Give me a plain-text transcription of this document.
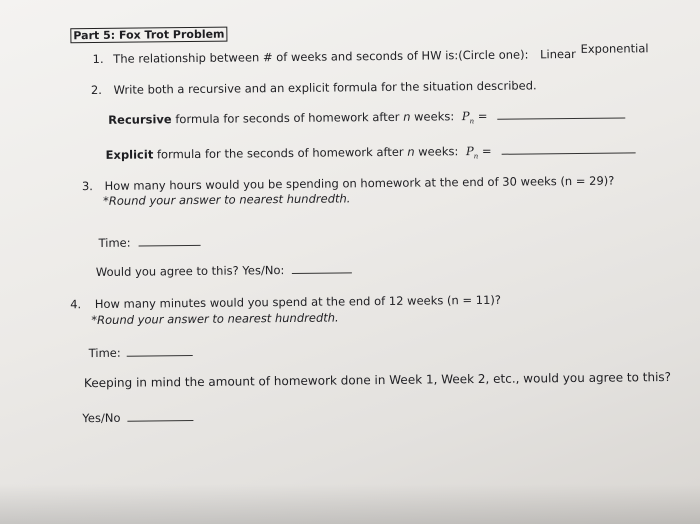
Part 5: Fox Trot Problem
1. The relationship between # of weeks and seconds of HW is:(Circle one): Linear Exponential
2. Write both a recursive and an explicit formula for the situation described.
Recursive formula for seconds of homework after n weeks: $P_n$ =
Explicit formula for the seconds of homework after n weeks: $P_n$ =
3. How many hours would you be spending on homework at the end of 30 weeks (n = 29)?
*Round your answer to nearest hundredth.
Time:
Would you agree to this? Yes/No:
4. How many minutes would you spend at the end of 12 weeks (n = 11)?
*Round your answer to nearest hundredth.
Time:
Keeping in mind the amount of homework done in Week 1, Week 2, etc., would you agree to this?
Yes/No
